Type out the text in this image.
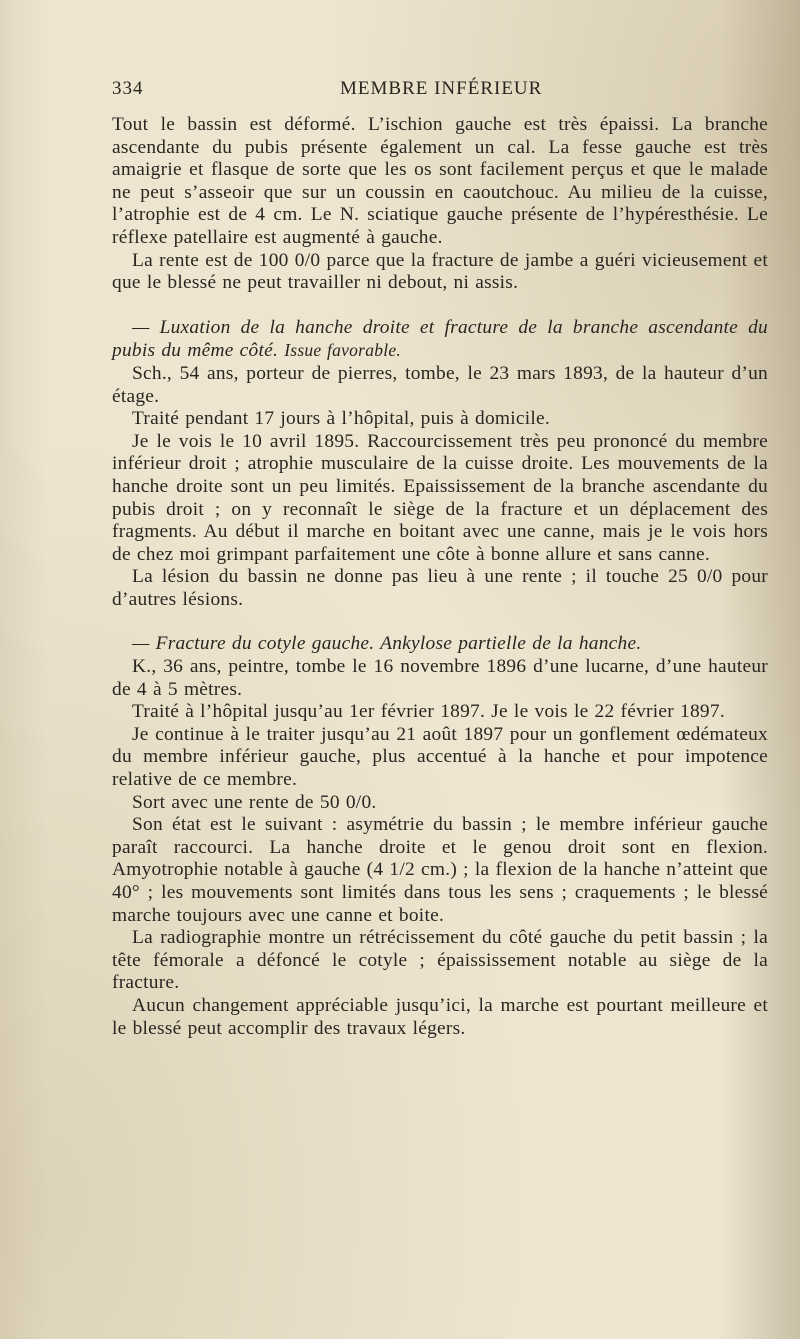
334	MEMBRE INFÉRIEUR

Tout le bassin est déformé. L’ischion gauche est très épaissi. La branche ascendante du pubis présente également un cal. La fesse gauche est très amaigrie et flasque de sorte que les os sont facilement perçus et que le malade ne peut s’asseoir que sur un coussin en caoutchouc. Au milieu de la cuisse, l’atrophie est de 4 cm. Le N. sciatique gauche présente de l’hypéresthésie. Le réflexe patellaire est augmenté à gauche.

La rente est de 100 0/0 parce que la fracture de jambe a guéri vicieusement et que le blessé ne peut travailler ni debout, ni assis.

— Luxation de la hanche droite et fracture de la branche ascendante du pubis du même côté. Issue favorable.

Sch., 54 ans, porteur de pierres, tombe, le 23 mars 1893, de la hauteur d’un étage.

Traité pendant 17 jours à l’hôpital, puis à domicile.

Je le vois le 10 avril 1895. Raccourcissement très peu prononcé du membre inférieur droit ; atrophie musculaire de la cuisse droite. Les mouvements de la hanche droite sont un peu limités. Epaississement de la branche ascendante du pubis droit ; on y reconnaît le siège de la fracture et un déplacement des fragments. Au début il marche en boitant avec une canne, mais je le vois hors de chez moi grimpant parfaitement une côte à bonne allure et sans canne.

La lésion du bassin ne donne pas lieu à une rente ; il touche 25 0/0 pour d’autres lésions.

— Fracture du cotyle gauche. Ankylose partielle de la hanche.

K., 36 ans, peintre, tombe le 16 novembre 1896 d’une lucarne, d’une hauteur de 4 à 5 mètres.

Traité à l’hôpital jusqu’au 1er février 1897. Je le vois le 22 février 1897.

Je continue à le traiter jusqu’au 21 août 1897 pour un gonflement œdémateux du membre inférieur gauche, plus accentué à la hanche et pour impotence relative de ce membre.

Sort avec une rente de 50 0/0.

Son état est le suivant : asymétrie du bassin ; le membre inférieur gauche paraît raccourci. La hanche droite et le genou droit sont en flexion. Amyotrophie notable à gauche (4 1/2 cm.) ; la flexion de la hanche n’atteint que 40° ; les mouvements sont limités dans tous les sens ; craquements ; le blessé marche toujours avec une canne et boite.

La radiographie montre un rétrécissement du côté gauche du petit bassin ; la tête fémorale a défoncé le cotyle ; épaississement notable au siège de la fracture.

Aucun changement appréciable jusqu’ici, la marche est pourtant meilleure et le blessé peut accomplir des travaux légers.
